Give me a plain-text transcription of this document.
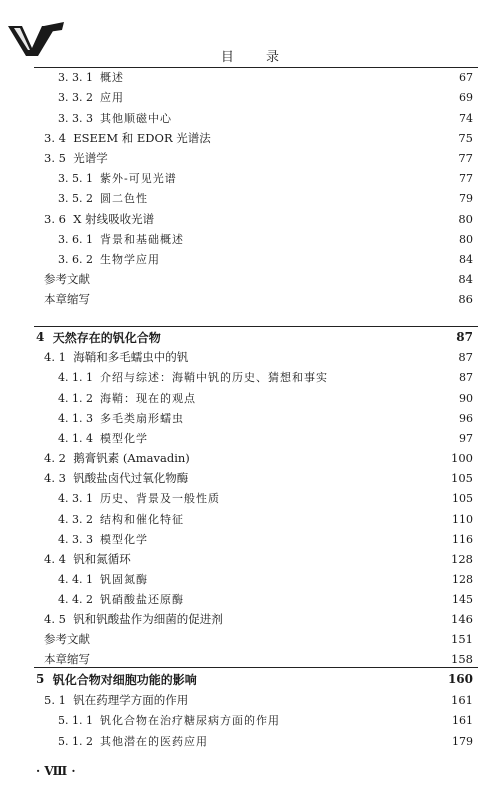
目 录
3. 3. 1 概述	67
3. 3. 2 应用	69
3. 3. 3 其他顺磁中心	74
3. 4 ESEEM 和 EDOR 光谱法	75
3. 5 光谱学	77
3. 5. 1 紫外-可见光谱	77
3. 5. 2 圆二色性	79
3. 6 X 射线吸收光谱	80
3. 6. 1 背景和基础概述	80
3. 6. 2 生物学应用	84
参考文献	84
本章缩写	86
4 天然存在的钒化合物	87
4. 1 海鞘和多毛蠕虫中的钒	87
4. 1. 1 介绍与综述：海鞘中钒的历史、猜想和事实	87
4. 1. 2 海鞘：现在的观点	90
4. 1. 3 多毛类扇形蠕虫	96
4. 1. 4 模型化学	97
4. 2 鹅膏钒素 (Amavadin)	100
4. 3 钒酸盐卤代过氧化物酶	105
4. 3. 1 历史、背景及一般性质	105
4. 3. 2 结构和催化特征	110
4. 3. 3 模型化学	116
4. 4 钒和氮循环	128
4. 4. 1 钒固氮酶	128
4. 4. 2 钒硝酸盐还原酶	145
4. 5 钒和钒酸盐作为细菌的促进剂	146
参考文献	151
本章缩写	158
5 钒化合物对细胞功能的影响	160
5. 1 钒在药理学方面的作用	161
5. 1. 1 钒化合物在治疗糖尿病方面的作用	161
5. 1. 2 其他潜在的医药应用	179
· Ⅷ ·
